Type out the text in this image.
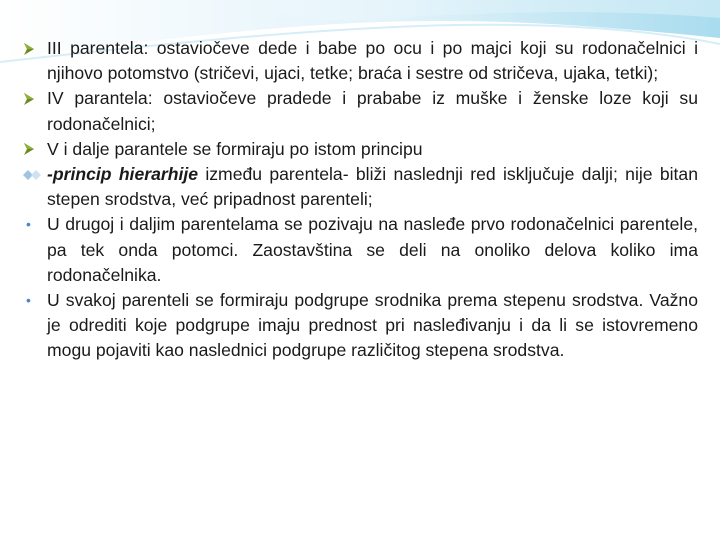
III parentela: ostaviočeve dede i babe po ocu i po majci koji su rodonačelnici i njihovo potomstvo (stričevi, ujaci, tetke; braća i sestre od stričeva, ujaka, tetki);
IV parantela: ostaviočeve pradede i prababe iz muške i ženske loze koji su rodonačelnici;
V i dalje parantele se formiraju po istom principu
-princip hierarhije između parentela- bliži naslednji red isključuje dalji; nije bitan stepen srodstva, već pripadnost parenteli;
• U drugoj i daljim parentelama se pozivaju na nasleđe prvo rodonačelnici parentele, pa tek onda potomci. Zaostavština se deli na onoliko delova koliko ima rodonačelnika.
• U svakoj parenteli se formiraju podgrupe srodnika prema stepenu srodstva. Važno je odrediti koje podgrupe imaju prednost pri nasleđivanju i da li se istovremeno mogu pojaviti kao naslednici podgrupe različitog stepena srodstva.
